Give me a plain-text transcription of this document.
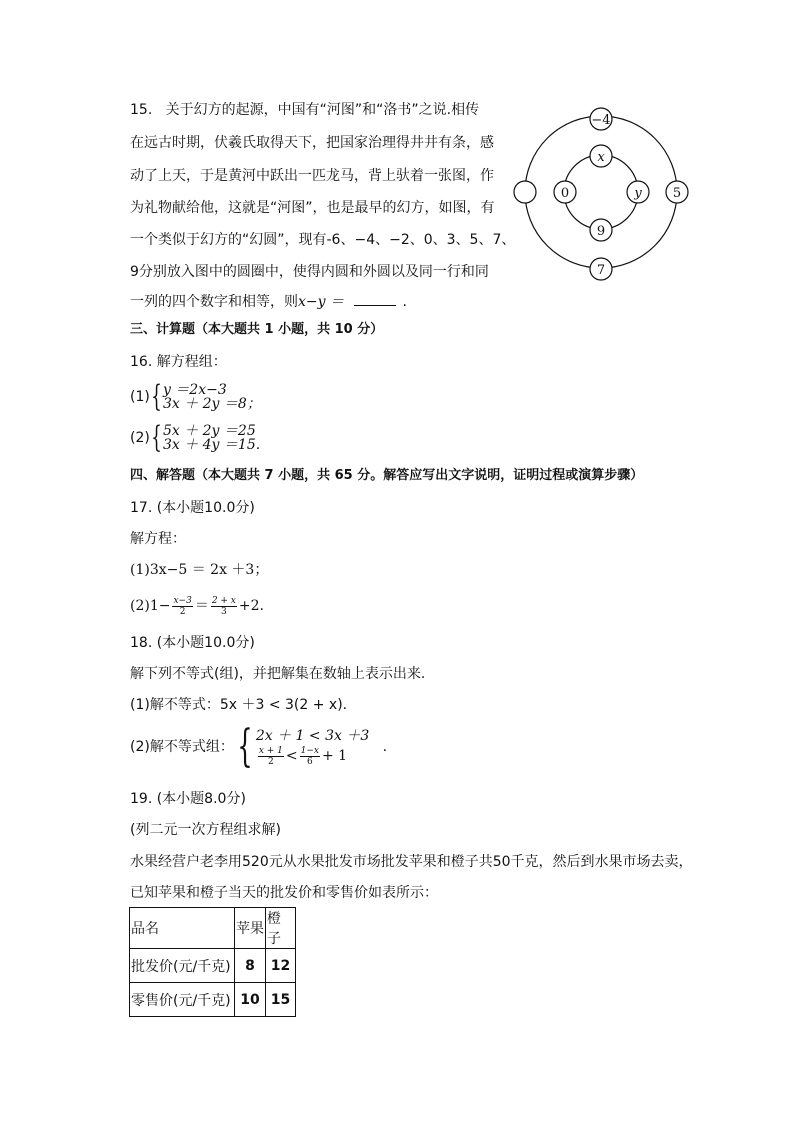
15. 关于幻方的起源，中国有“河图”和“洛书”之说.相传
在远古时期，伏羲氏取得天下，把国家治理得井井有条，感
动了上天，于是黄河中跃出一匹龙马，背上驮着一张图，作
为礼物献给他，这就是“河图”，也是最早的幻方，如图，有
一个类似于幻方的“幻圆”，现有-6、−4、−2、0、3、5、7、
9分别放入图中的圆圈中，使得内圆和外圆以及同一行和同
一列的四个数字和相等，则x−y ＝	.
−4
5
7
x
y
9
0
三、计算题（本大题共 1 小题，共 10 分）
16. 解方程组：
(1){ y ＝2x−3
3x ＋ 2y ＝8；
(2){ 5x ＋ 2y ＝25
3x ＋ 4y ＝15.
四、解答题（本大题共 7 小题，共 65 分。解答应写出文字说明，证明过程或演算步骤）
17. (本小题10.0分)
解方程：
(1)3x−5 ＝ 2x ＋3；
$(2)1- \frac{x-3}{2} = \frac{2 + x}{3} +2$.
18. (本小题10.0分)
解下列不等式(组)，并把解集在数轴上表示出来.
(1)解不等式：5x ＋3 < 3(2 + x).
(2)解不等式组：{ 2x ＋ 1 < 3x ＋3
$\frac{x + 1}{2} < \frac{1-x}{6} + 1$
.
19. (本小题8.0分)
(列二元一次方程组求解)
水果经营户老李用520元从水果批发市场批发苹果和橙子共50千克，然后到水果市场去卖，
已知苹果和橙子当天的批发价和零售价如表所示：
品名	苹果	橙子
批发价(元/千克)	8	12
零售价(元/千克)	10	15
